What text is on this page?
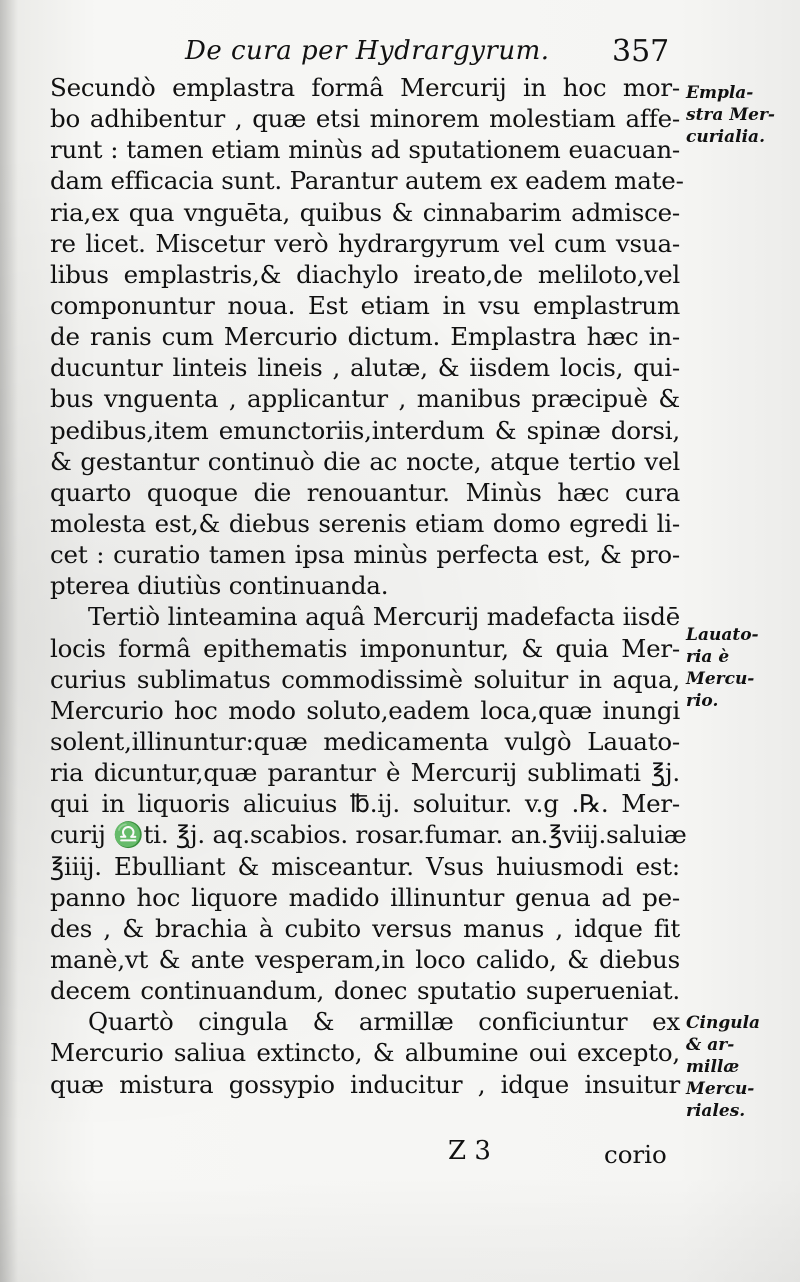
De cura per Hydrargyrum. 357
Secundò emplastra formâ Mercurij in hoc mor-
bo adhibentur , quæ etsi minorem molestiam affe-
runt : tamen etiam minùs ad sputationem euacuan-
dam efficacia sunt. Parantur autem ex eadem mate-
ria,ex qua vnguēta, quibus & cinnabarim admisce-
re licet. Miscetur verò hydrargyrum vel cum vsua-
libus emplastris,& diachylo ireato,de meliloto,vel
componuntur noua. Est etiam in vsu emplastrum
de ranis cum Mercurio dictum. Emplastra hæc in-
ducuntur linteis lineis , alutæ, & iisdem locis, qui-
bus vnguenta , applicantur , manibus præcipuè &
pedibus,item emunctoriis,interdum & spinæ dorsi,
& gestantur continuò die ac nocte, atque tertio vel
quarto quoque die renouantur. Minùs hæc cura
molesta est,& diebus serenis etiam domo egredi li-
cet : curatio tamen ipsa minùs perfecta est, & pro-
pterea diutiùs continuanda.
Tertiò linteamina aquâ Mercurij madefacta iisdē
locis formâ epithematis imponuntur, & quia Mer-
curius sublimatus commodissimè soluitur in aqua,
Mercurio hoc modo soluto,eadem loca,quæ inungi
solent,illinuntur:quæ medicamenta vulgò Lauato-
ria dicuntur,quæ parantur è Mercurij sublimati ℥j.
qui in liquoris alicuius ℔.ij. soluitur. v.g .℞. Mer-
curij ♎ti. ℥j. aq.scabios. rosar.fumar. an.℥viij.saluiæ
℥iiij. Ebulliant & misceantur. Vsus huiusmodi est:
panno hoc liquore madido illinuntur genua ad pe-
des , & brachia à cubito versus manus , idque fit
manè,vt & ante vesperam,in loco calido, & diebus
decem continuandum, donec sputatio superueniat.
Quartò cingula & armillæ conficiuntur ex
Mercurio saliua extincto, & albumine oui excepto,
quæ mistura gossypio inducitur , idque insuitur
Empla-
stra Mer-
curialia.
Lauato-
ria è
Mercu-
rio.
Cingula
& ar-
millæ
Mercu-
riales.
Z 3	corio
